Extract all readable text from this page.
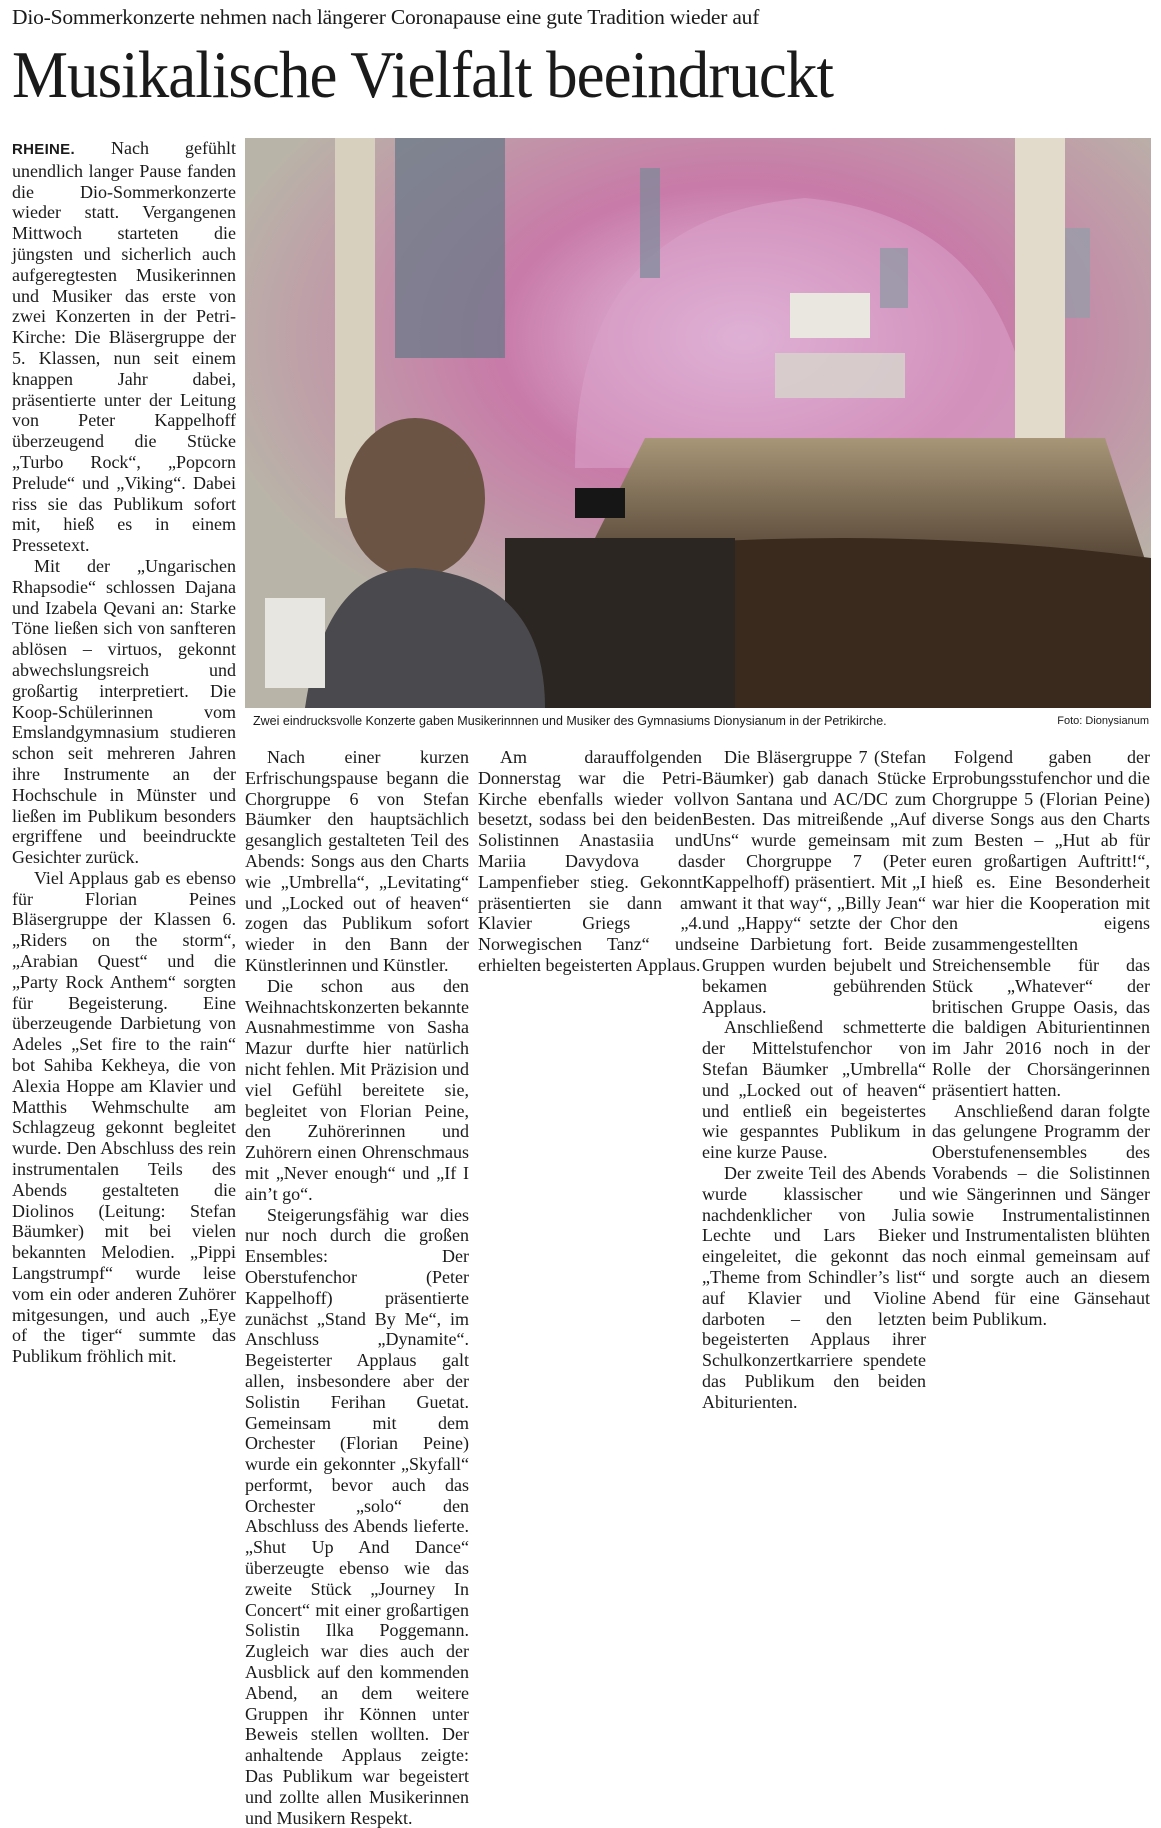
Dio-Sommerkonzerte nehmen nach längerer Coronapause eine gute Tradition wieder auf
Musikalische Vielfalt beeindruckt

RHEINE. Nach gefühlt unendlich langer Pause fanden die Dio-Sommerkonzerte wieder statt. Vergangenen Mittwoch starteten die jüngsten und sicherlich auch aufgeregtesten Musikerinnen und Musiker das erste von zwei Konzerten in der Petri-Kirche: Die Bläsergruppe der 5. Klassen, nun seit einem knappen Jahr dabei, präsentierte unter der Leitung von Peter Kappelhoff überzeugend die Stücke „Turbo Rock“, „Popcorn Prelude“ und „Viking“. Dabei riss sie das Publikum sofort mit, hieß es in einem Pressetext.

Mit der „Ungarischen Rhapsodie“ schlossen Dajana und Izabela Qevani an: Starke Töne ließen sich von sanfteren ablösen – virtuos, gekonnt abwechslungsreich und großartig interpretiert. Die Koop-Schülerinnen vom Emslandgymnasium studieren schon seit mehreren Jahren ihre Instrumente an der Hochschule in Münster und ließen im Publikum besonders ergriffene und beeindruckte Gesichter zurück.

Viel Applaus gab es ebenso für Florian Peines Bläsergruppe der Klassen 6. „Riders on the storm“, „Arabian Quest“ und die „Party Rock Anthem“ sorgten für Begeisterung. Eine überzeugende Darbietung von Adeles „Set fire to the rain“ bot Sahiba Kekheya, die von Alexia Hoppe am Klavier und Matthis Wehmschulte am Schlagzeug gekonnt begleitet wurde. Den Abschluss des rein instrumentalen Teils des Abends gestalteten die Diolinos (Leitung: Stefan Bäumker) mit bei vielen bekannten Melodien. „Pippi Langstrumpf“ wurde leise vom ein oder anderen Zuhörer mitgesungen, und auch „Eye of the tiger“ summte das Publikum fröhlich mit.

Zwei eindrucksvolle Konzerte gaben Musikerinnnen und Musiker des Gymnasiums Dionysianum in der Petrikirche.	Foto: Dionysianum

Nach einer kurzen Erfrischungspause begann die Chorgruppe 6 von Stefan Bäumker den hauptsächlich gesanglich gestalteten Teil des Abends: Songs aus den Charts wie „Umbrella“, „Levitating“ und „Locked out of heaven“ zogen das Publikum sofort wieder in den Bann der Künstlerinnen und Künstler.

Die schon aus den Weihnachtskonzerten bekannte Ausnahmestimme von Sasha Mazur durfte hier natürlich nicht fehlen. Mit Präzision und viel Gefühl bereitete sie, begleitet von Florian Peine, den Zuhörerinnen und Zuhörern einen Ohrenschmaus mit „Never enough“ und „If I ain’t go“.

Steigerungsfähig war dies nur noch durch die großen Ensembles: Der Oberstufenchor (Peter Kappelhoff) präsentierte zunächst „Stand By Me“, im Anschluss „Dynamite“. Begeisterter Applaus galt allen, insbesondere aber der Solistin Ferihan Guetat. Gemeinsam mit dem Orchester (Florian Peine) wurde ein gekonnter „Skyfall“ performt, bevor auch das Orchester „solo“ den Abschluss des Abends lieferte. „Shut Up And Dance“ überzeugte ebenso wie das zweite Stück „Journey In Concert“ mit einer großartigen Solistin Ilka Poggemann. Zugleich war dies auch der Ausblick auf den kommenden Abend, an dem weitere Gruppen ihr Können unter Beweis stellen wollten. Der anhaltende Applaus zeigte: Das Publikum war begeistert und zollte allen Musikerinnen und Musikern Respekt.

Am darauffolgenden Donnerstag war die Petri-Kirche ebenfalls wieder voll besetzt, sodass bei den beiden Solistinnen Anastasiia und Mariia Davydova das Lampenfieber stieg. Gekonnt präsentierten sie dann am Klavier Griegs „4. Norwegischen Tanz“ und erhielten begeisterten Applaus.

Die Bläsergruppe 7 (Stefan Bäumker) gab danach Stücke von Santana und AC/DC zum Besten. Das mitreißende „Auf Uns“ wurde gemeinsam mit der Chorgruppe 7 (Peter Kappelhoff) präsentiert. Mit „I want it that way“, „Billy Jean“ und „Happy“ setzte der Chor seine Darbietung fort. Beide Gruppen wurden bejubelt und bekamen gebührenden Applaus.

Anschließend schmetterte der Mittelstufenchor von Stefan Bäumker „Umbrella“ und „Locked out of heaven“ und entließ ein begeistertes wie gespanntes Publikum in eine kurze Pause.

Der zweite Teil des Abends wurde klassischer und nachdenklicher von Julia Lechte und Lars Bieker eingeleitet, die gekonnt das „Theme from Schindler’s list“ auf Klavier und Violine darboten – den letzten begeisterten Applaus ihrer Schulkonzertkarriere spendete das Publikum den beiden Abiturienten.

Folgend gaben der Erprobungsstufenchor und die Chorgruppe 5 (Florian Peine) diverse Songs aus den Charts zum Besten – „Hut ab für euren großartigen Auftritt!“, hieß es. Eine Besonderheit war hier die Kooperation mit den eigens zusammengestellten Streichensemble für das Stück „Whatever“ der britischen Gruppe Oasis, das die baldigen Abiturientinnen im Jahr 2016 noch in der Rolle der Chorsängerinnen präsentiert hatten.

Anschließend daran folgte das gelungene Programm der Oberstufenensembles des Vorabends – die Solistinnen wie Sängerinnen und Sänger sowie Instrumentalistinnen und Instrumentalisten blühten noch einmal gemeinsam auf und sorgte auch an diesem Abend für eine Gänsehaut beim Publikum.
